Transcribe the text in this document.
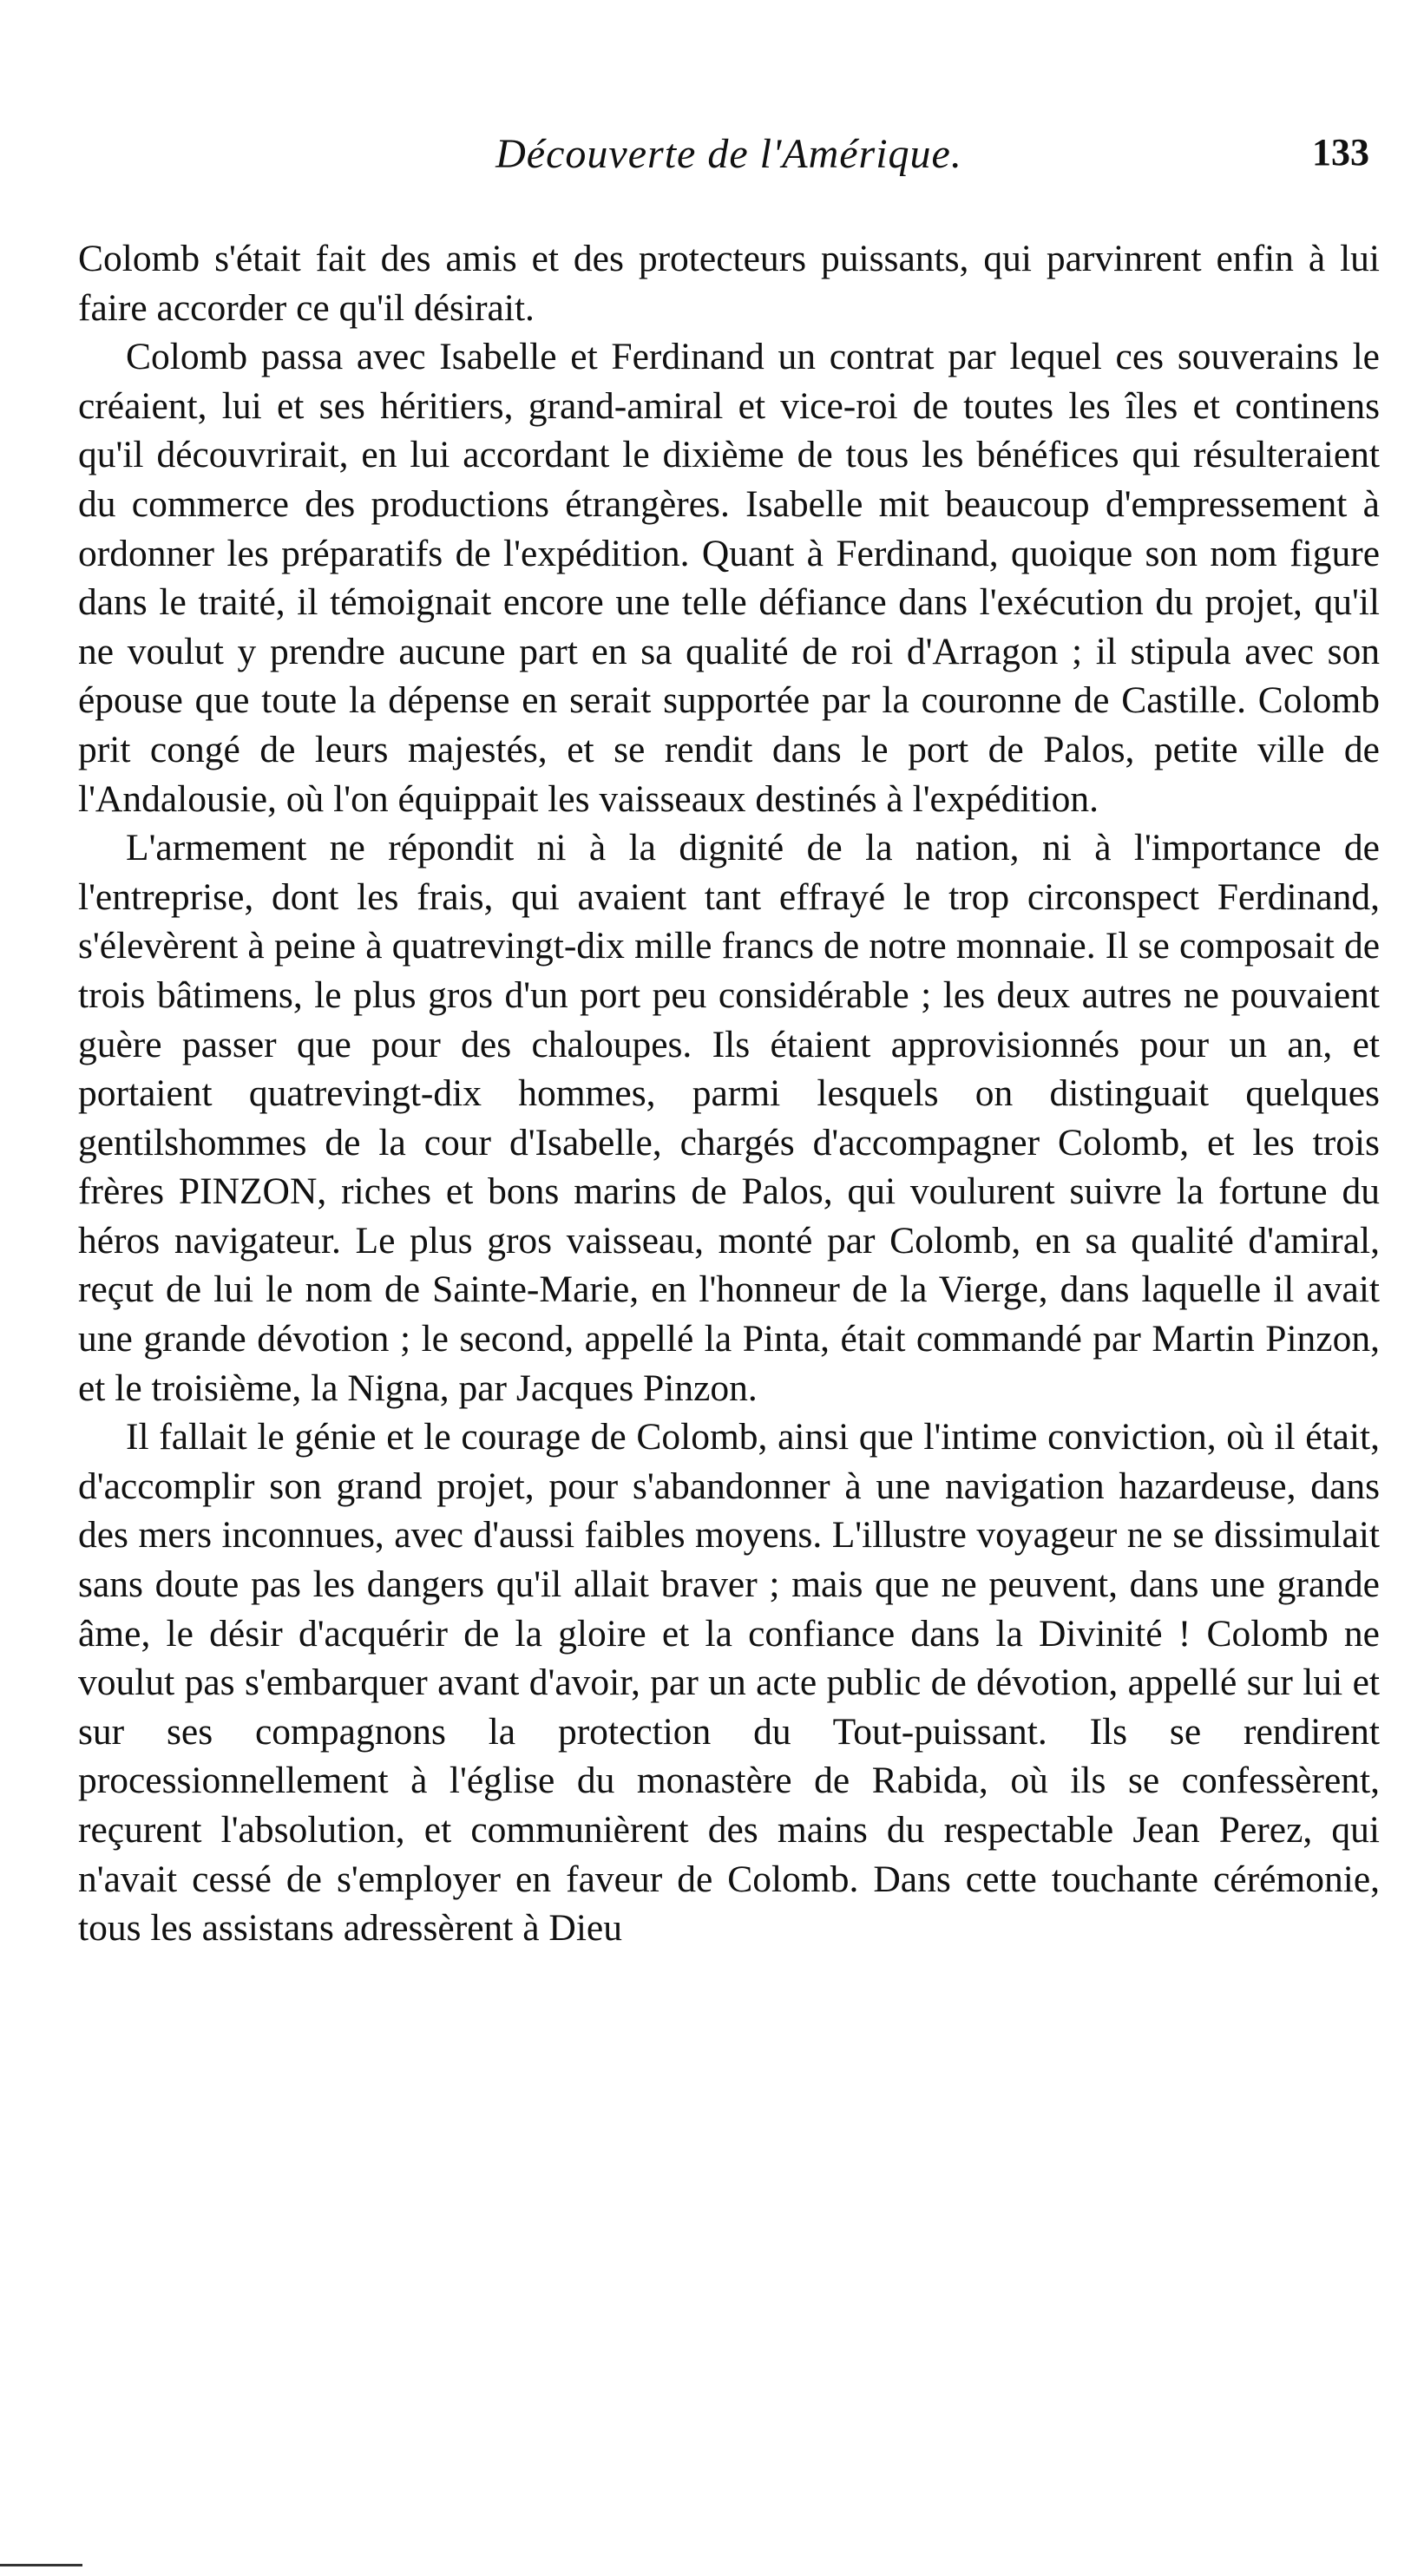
Découverte de l'Amérique.	133

Colomb s'était fait des amis et des protecteurs puissants, qui parvinrent enfin à lui faire accorder ce qu'il désirait.

Colomb passa avec Isabelle et Ferdinand un contrat par lequel ces souverains le créaient, lui et ses héritiers, grand-amiral et vice-roi de toutes les îles et continens qu'il découvrirait, en lui accordant le dixième de tous les bénéfices qui résulteraient du commerce des productions étrangères. Isabelle mit beaucoup d'empressement à ordonner les préparatifs de l'expédition. Quant à Ferdinand, quoique son nom figure dans le traité, il témoignait encore une telle défiance dans l'exécution du projet, qu'il ne voulut y prendre aucune part en sa qualité de roi d'Arragon ; il stipula avec son épouse que toute la dépense en serait supportée par la couronne de Castille. Colomb prit congé de leurs majestés, et se rendit dans le port de Palos, petite ville de l'Andalousie, où l'on équippait les vaisseaux destinés à l'expédition.

L'armement ne répondit ni à la dignité de la nation, ni à l'importance de l'entreprise, dont les frais, qui avaient tant effrayé le trop circonspect Ferdinand, s'élevèrent à peine à quatrevingt-dix mille francs de notre monnaie. Il se composait de trois bâtimens, le plus gros d'un port peu considérable ; les deux autres ne pouvaient guère passer que pour des chaloupes. Ils étaient approvisionnés pour un an, et portaient quatrevingt-dix hommes, parmi lesquels on distinguait quelques gentilshommes de la cour d'Isabelle, chargés d'accompagner Colomb, et les trois frères PINZON, riches et bons marins de Palos, qui voulurent suivre la fortune du héros navigateur. Le plus gros vaisseau, monté par Colomb, en sa qualité d'amiral, reçut de lui le nom de Sainte-Marie, en l'honneur de la Vierge, dans laquelle il avait une grande dévotion ; le second, appellé la Pinta, était commandé par Martin Pinzon, et le troisième, la Nigna, par Jacques Pinzon.

Il fallait le génie et le courage de Colomb, ainsi que l'intime conviction, où il était, d'accomplir son grand projet, pour s'abandonner à une navigation hazardeuse, dans des mers inconnues, avec d'aussi faibles moyens. L'illustre voyageur ne se dissimulait sans doute pas les dangers qu'il allait braver ; mais que ne peuvent, dans une grande âme, le désir d'acquérir de la gloire et la confiance dans la Divinité ! Colomb ne voulut pas s'embarquer avant d'avoir, par un acte public de dévotion, appellé sur lui et sur ses compagnons la protection du Tout-puissant. Ils se rendirent processionnellement à l'église du monastère de Rabida, où ils se confessèrent, reçurent l'absolution, et communièrent des mains du respectable Jean Perez, qui n'avait cessé de s'employer en faveur de Colomb. Dans cette touchante cérémonie, tous les assistans adressèrent à Dieu
